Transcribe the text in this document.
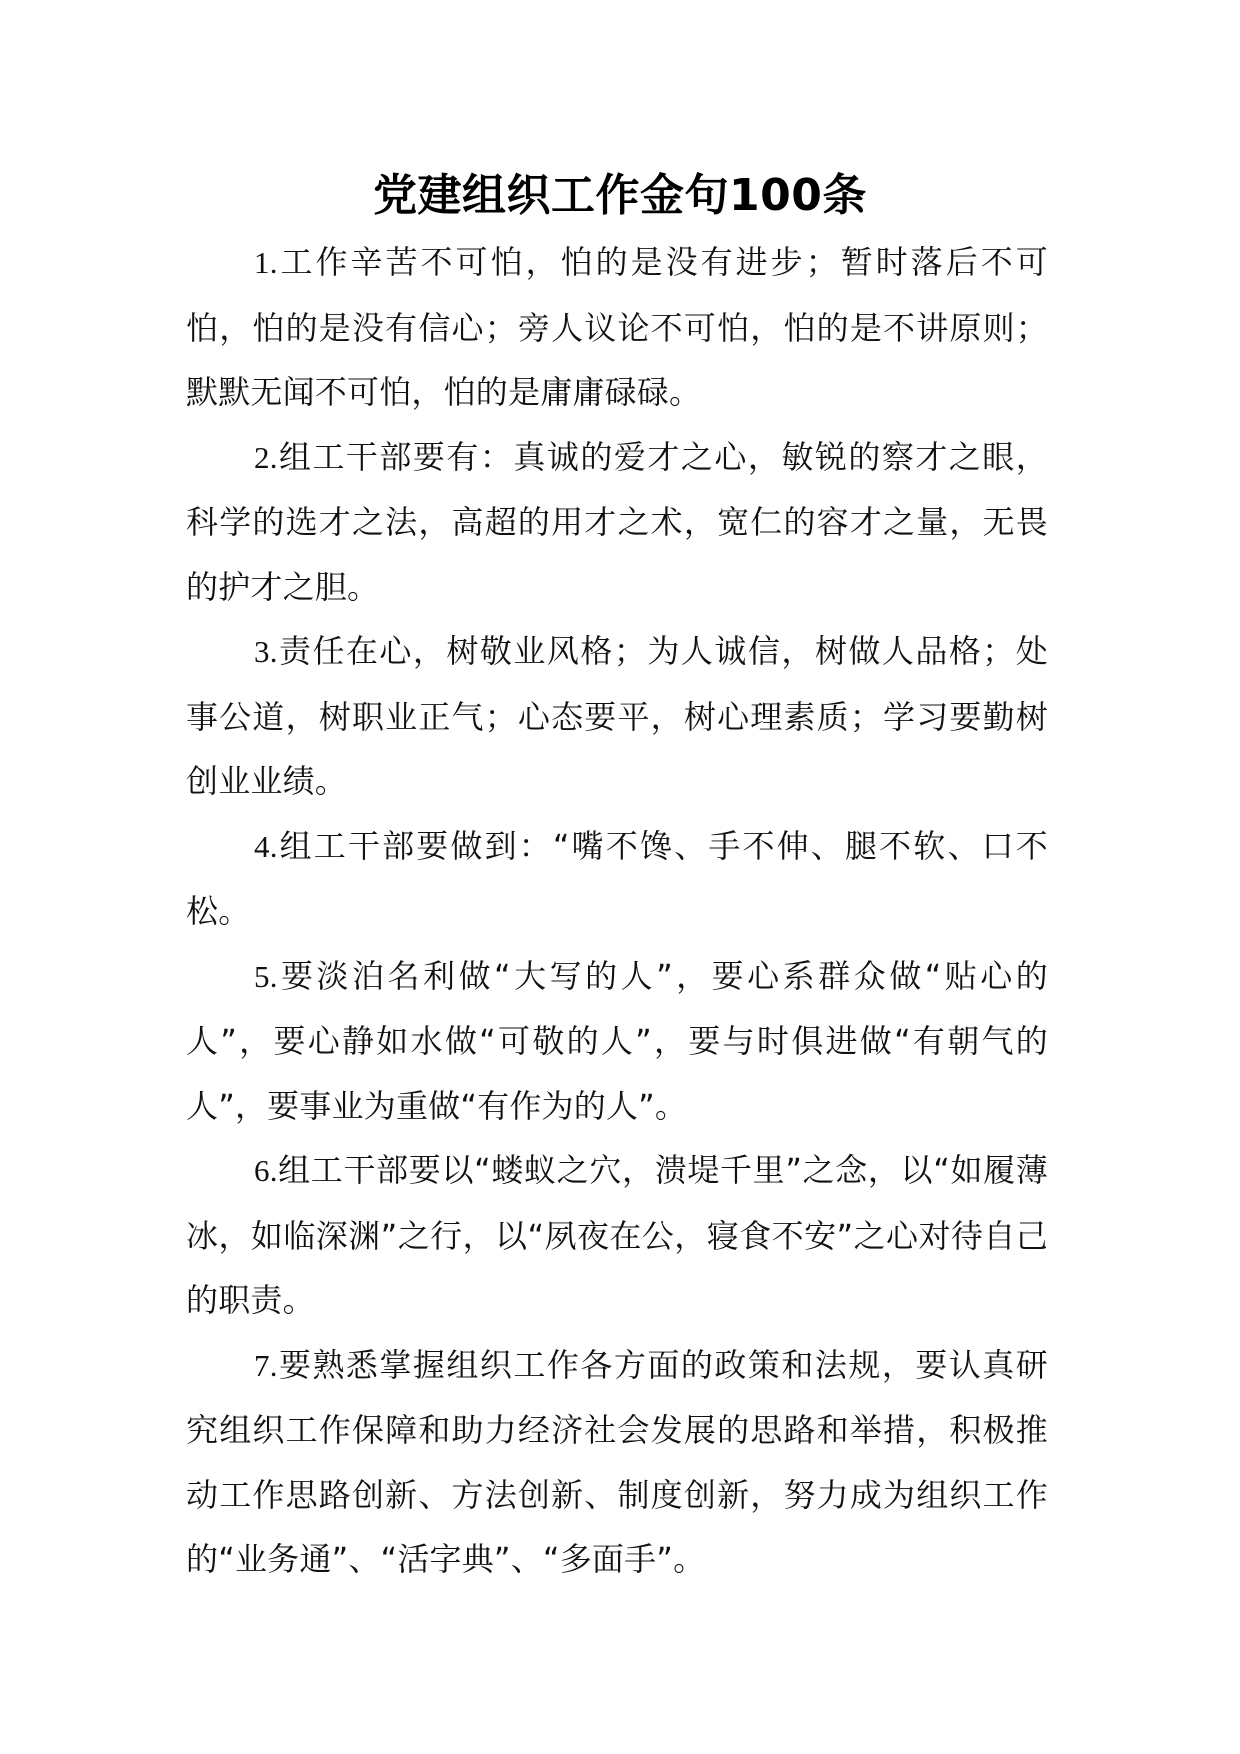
党建组织工作金句100条

1.工作辛苦不可怕，怕的是没有进步；暂时落后不可怕，怕的是没有信心；旁人议论不可怕，怕的是不讲原则；默默无闻不可怕，怕的是庸庸碌碌。

2.组工干部要有：真诚的爱才之心，敏锐的察才之眼，科学的选才之法，高超的用才之术，宽仁的容才之量，无畏的护才之胆。

3.责任在心，树敬业风格；为人诚信，树做人品格；处事公道，树职业正气；心态要平，树心理素质；学习要勤树创业业绩。

4.组工干部要做到：“嘴不馋、手不伸、腿不软、口不松。

5.要淡泊名利做“大写的人”，要心系群众做“贴心的人”，要心静如水做“可敬的人”，要与时俱进做“有朝气的人”，要事业为重做“有作为的人”。

6.组工干部要以“蝼蚁之穴，溃堤千里”之念，以“如履薄冰，如临深渊”之行，以“夙夜在公，寝食不安”之心对待自己的职责。

7.要熟悉掌握组织工作各方面的政策和法规，要认真研究组织工作保障和助力经济社会发展的思路和举措，积极推动工作思路创新、方法创新、制度创新，努力成为组织工作的“业务通”、“活字典”、“多面手”。
